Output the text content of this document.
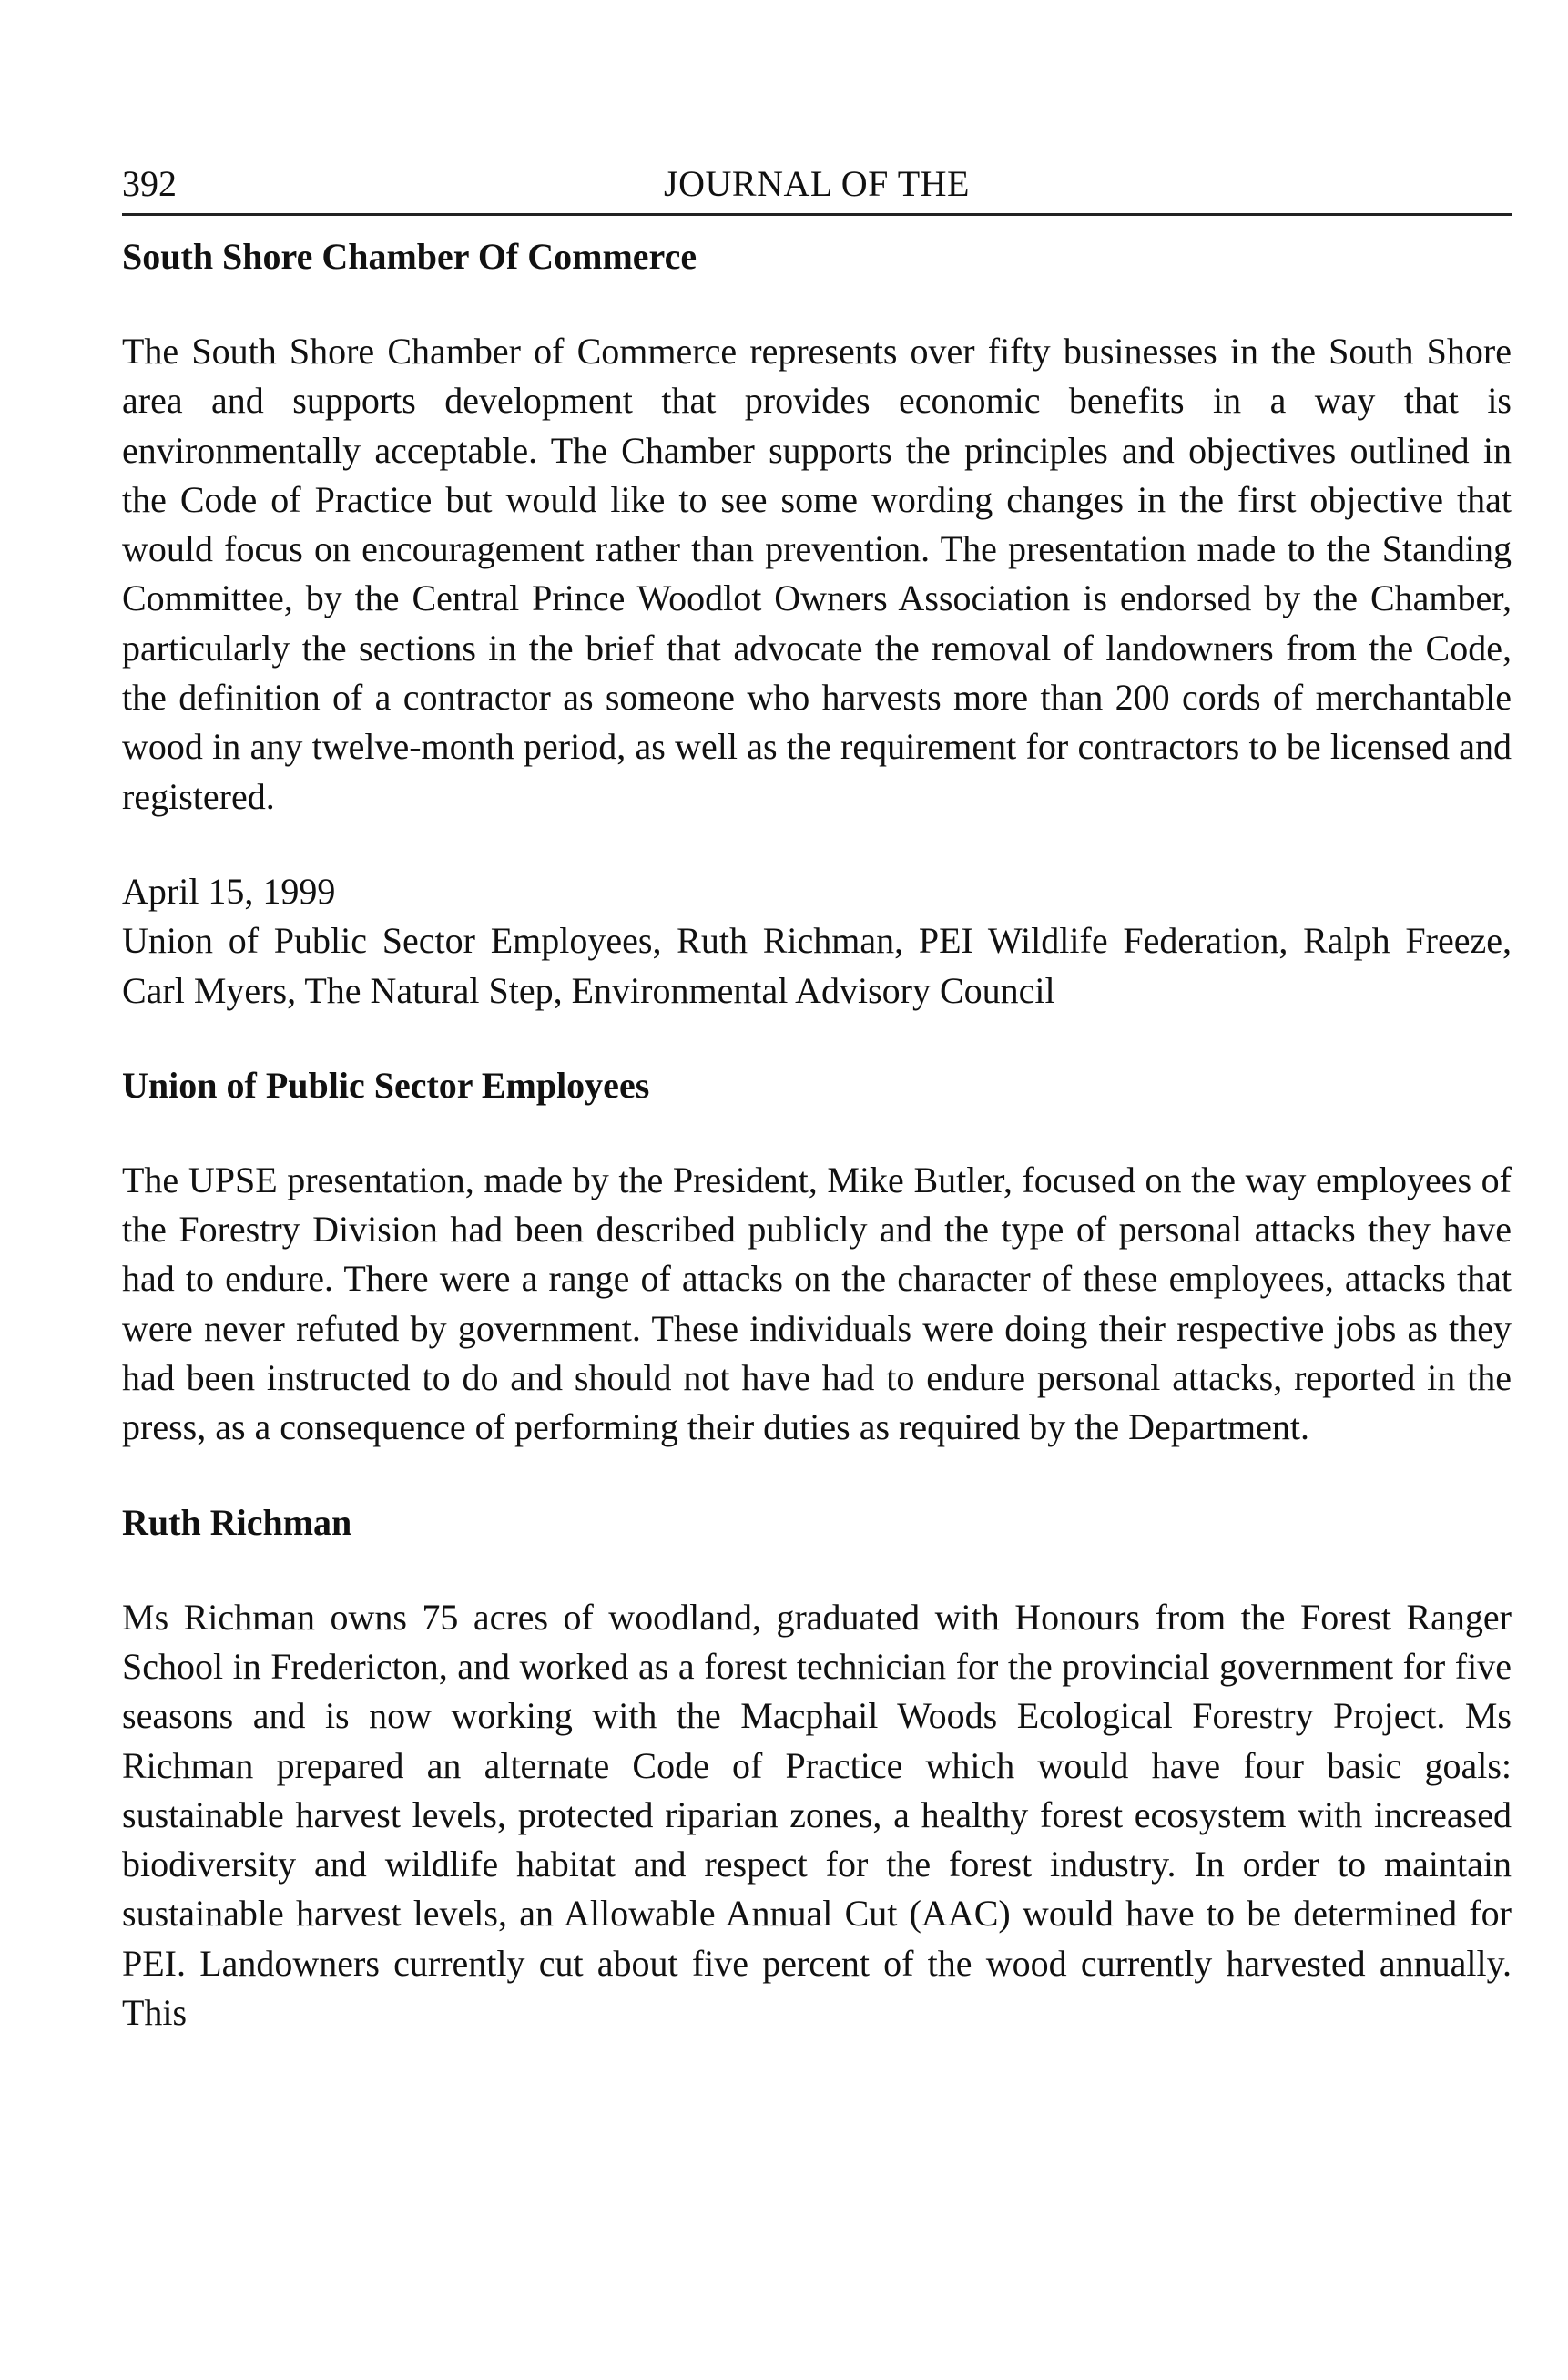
392	JOURNAL OF THE
South Shore Chamber Of Commerce

The South Shore Chamber of Commerce represents over fifty businesses in the South Shore area and supports development that provides economic benefits in a way that is environmentally acceptable. The Chamber supports the principles and objectives outlined in the Code of Practice but would like to see some wording changes in the first objective that would focus on encouragement rather than prevention. The presentation made to the Standing Committee, by the Central Prince Woodlot Owners Association is endorsed by the Chamber, particularly the sections in the brief that advocate the removal of landowners from the Code, the definition of a contractor as someone who harvests more than 200 cords of merchantable wood in any twelve-month period, as well as the requirement for contractors to be licensed and registered.

April 15, 1999

Union of Public Sector Employees, Ruth Richman, PEI Wildlife Federation, Ralph Freeze, Carl Myers, The Natural Step, Environmental Advisory Council

Union of Public Sector Employees

The UPSE presentation, made by the President, Mike Butler, focused on the way employees of the Forestry Division had been described publicly and the type of personal attacks they have had to endure. There were a range of attacks on the character of these employees, attacks that were never refuted by government. These individuals were doing their respective jobs as they had been instructed to do and should not have had to endure personal attacks, reported in the press, as a consequence of performing their duties as required by the Department.

Ruth Richman

Ms Richman owns 75 acres of woodland, graduated with Honours from the Forest Ranger School in Fredericton, and worked as a forest technician for the provincial government for five seasons and is now working with the Macphail Woods Ecological Forestry Project. Ms Richman prepared an alternate Code of Practice which would have four basic goals: sustainable harvest levels, protected riparian zones, a healthy forest ecosystem with increased biodiversity and wildlife habitat and respect for the forest industry. In order to maintain sustainable harvest levels, an Allowable Annual Cut (AAC) would have to be determined for PEI. Landowners currently cut about five percent of the wood currently harvested annually. This
